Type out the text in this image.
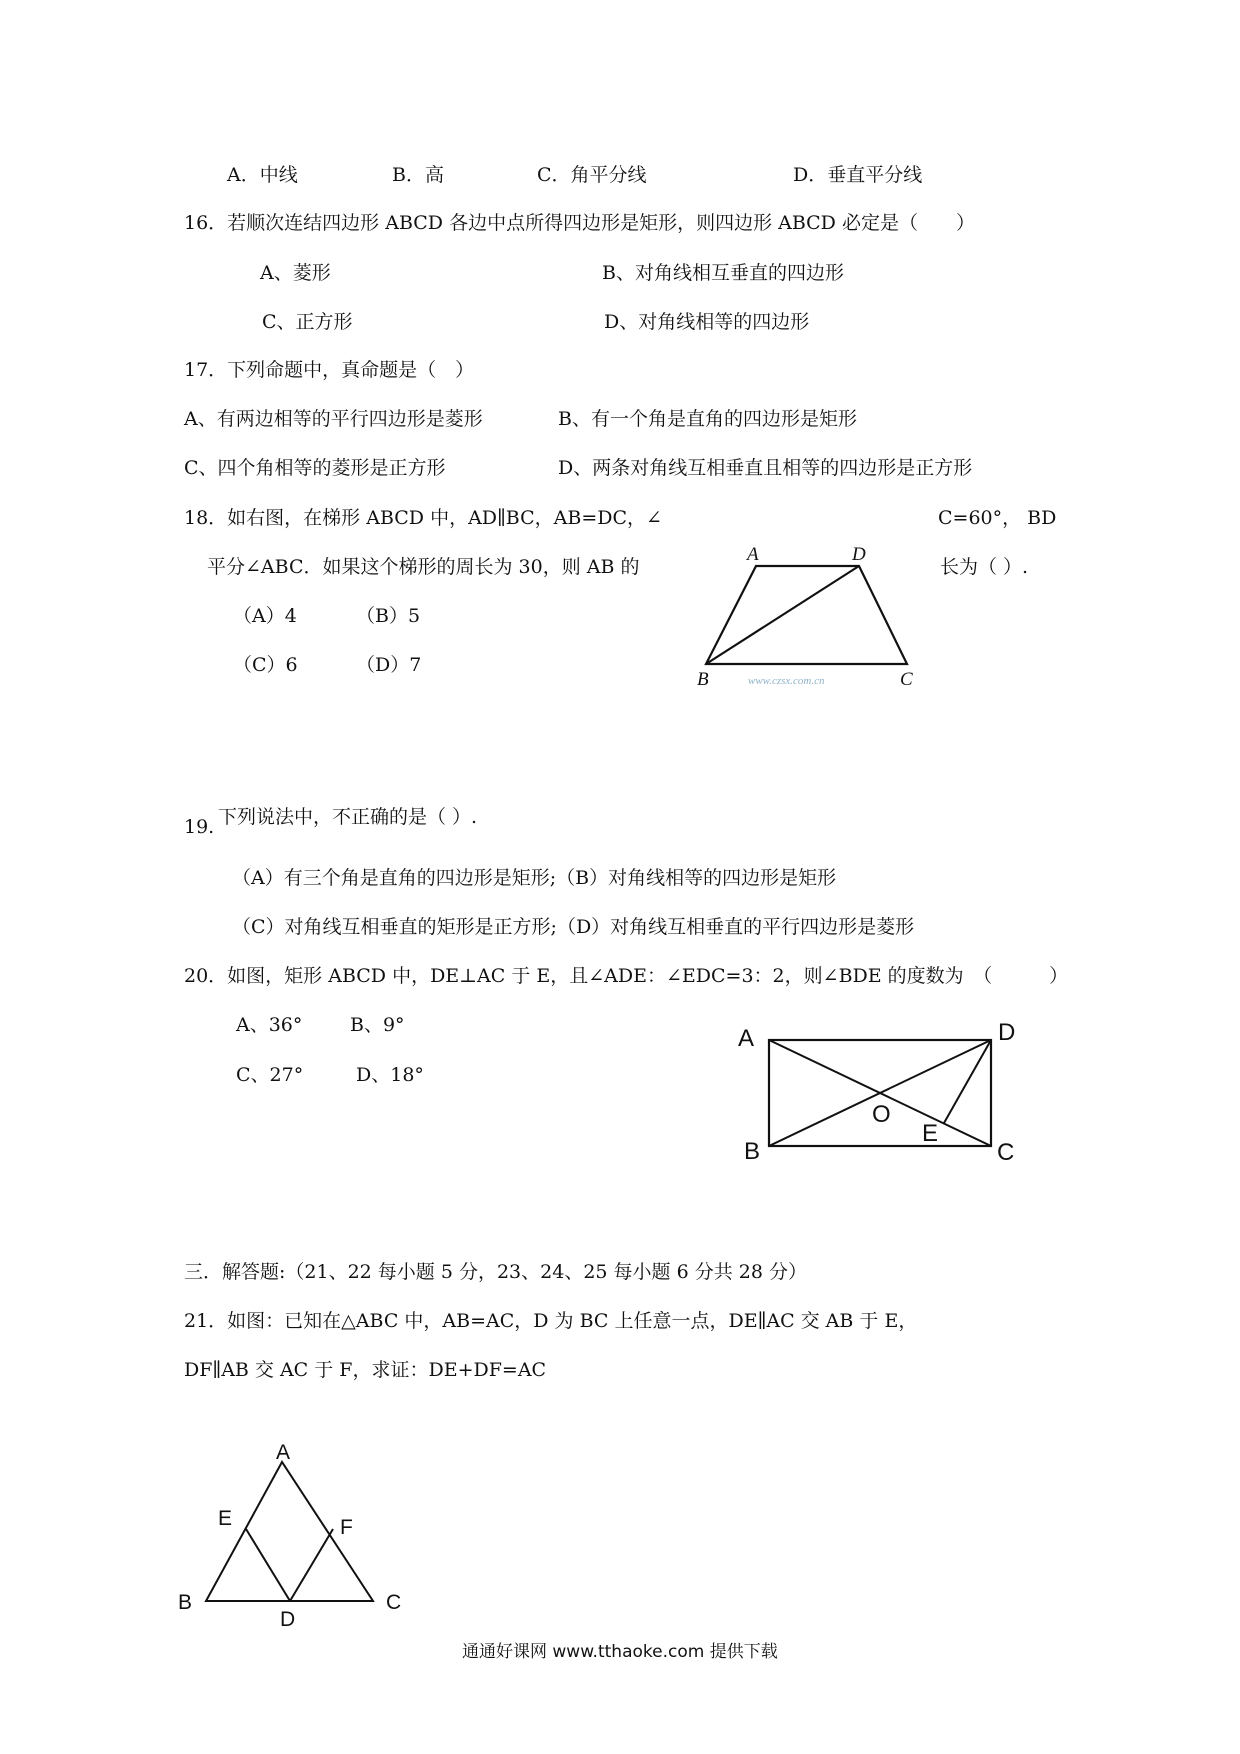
A．中线	B．高	C．角平分线	D．垂直平分线
16．若顺次连结四边形 ABCD 各边中点所得四边形是矩形，则四边形 ABCD 必定是（　　）
A、菱形	B、对角线相互垂直的四边形
C、正方形	D、对角线相等的四边形
17．下列命题中，真命题是（　）
A、有两边相等的平行四边形是菱形	B、有一个角是直角的四边形是矩形
C、四个角相等的菱形是正方形	D、两条对角线互相垂直且相等的四边形是正方形
18．如右图，在梯形 ABCD 中，AD∥BC，AB=DC，∠	C=60°， BD
平分∠ABC．如果这个梯形的周长为 30，则 AB 的	长为（ ）.
（A）4	（B）5
（C）6	（D）7
A	D
B	C
www.czsx.com.cn
19. 下列说法中，不正确的是（ ）.
（A）有三个角是直角的四边形是矩形;（B）对角线相等的四边形是矩形
（C）对角线互相垂直的矩形是正方形;（D）对角线互相垂直的平行四边形是菱形
20．如图，矩形 ABCD 中，DE⊥AC 于 E，且∠ADE：∠EDC=3：2，则∠BDE 的度数为　（　　　）
A、36°	B、9°
C、27°	D、18°
A	D
B	C
O
E
三．解答题:（21、22 每小题 5 分，23、24、25 每小题 6 分共 28 分）
21．如图：已知在△ABC 中，AB=AC，D 为 BC 上任意一点，DE∥AC 交 AB 于 E，
DF∥AB 交 AC 于 F，求证：DE+DF=AC
A
E	F
B
D
C
通通好课网 www.tthaoke.com 提供下载
